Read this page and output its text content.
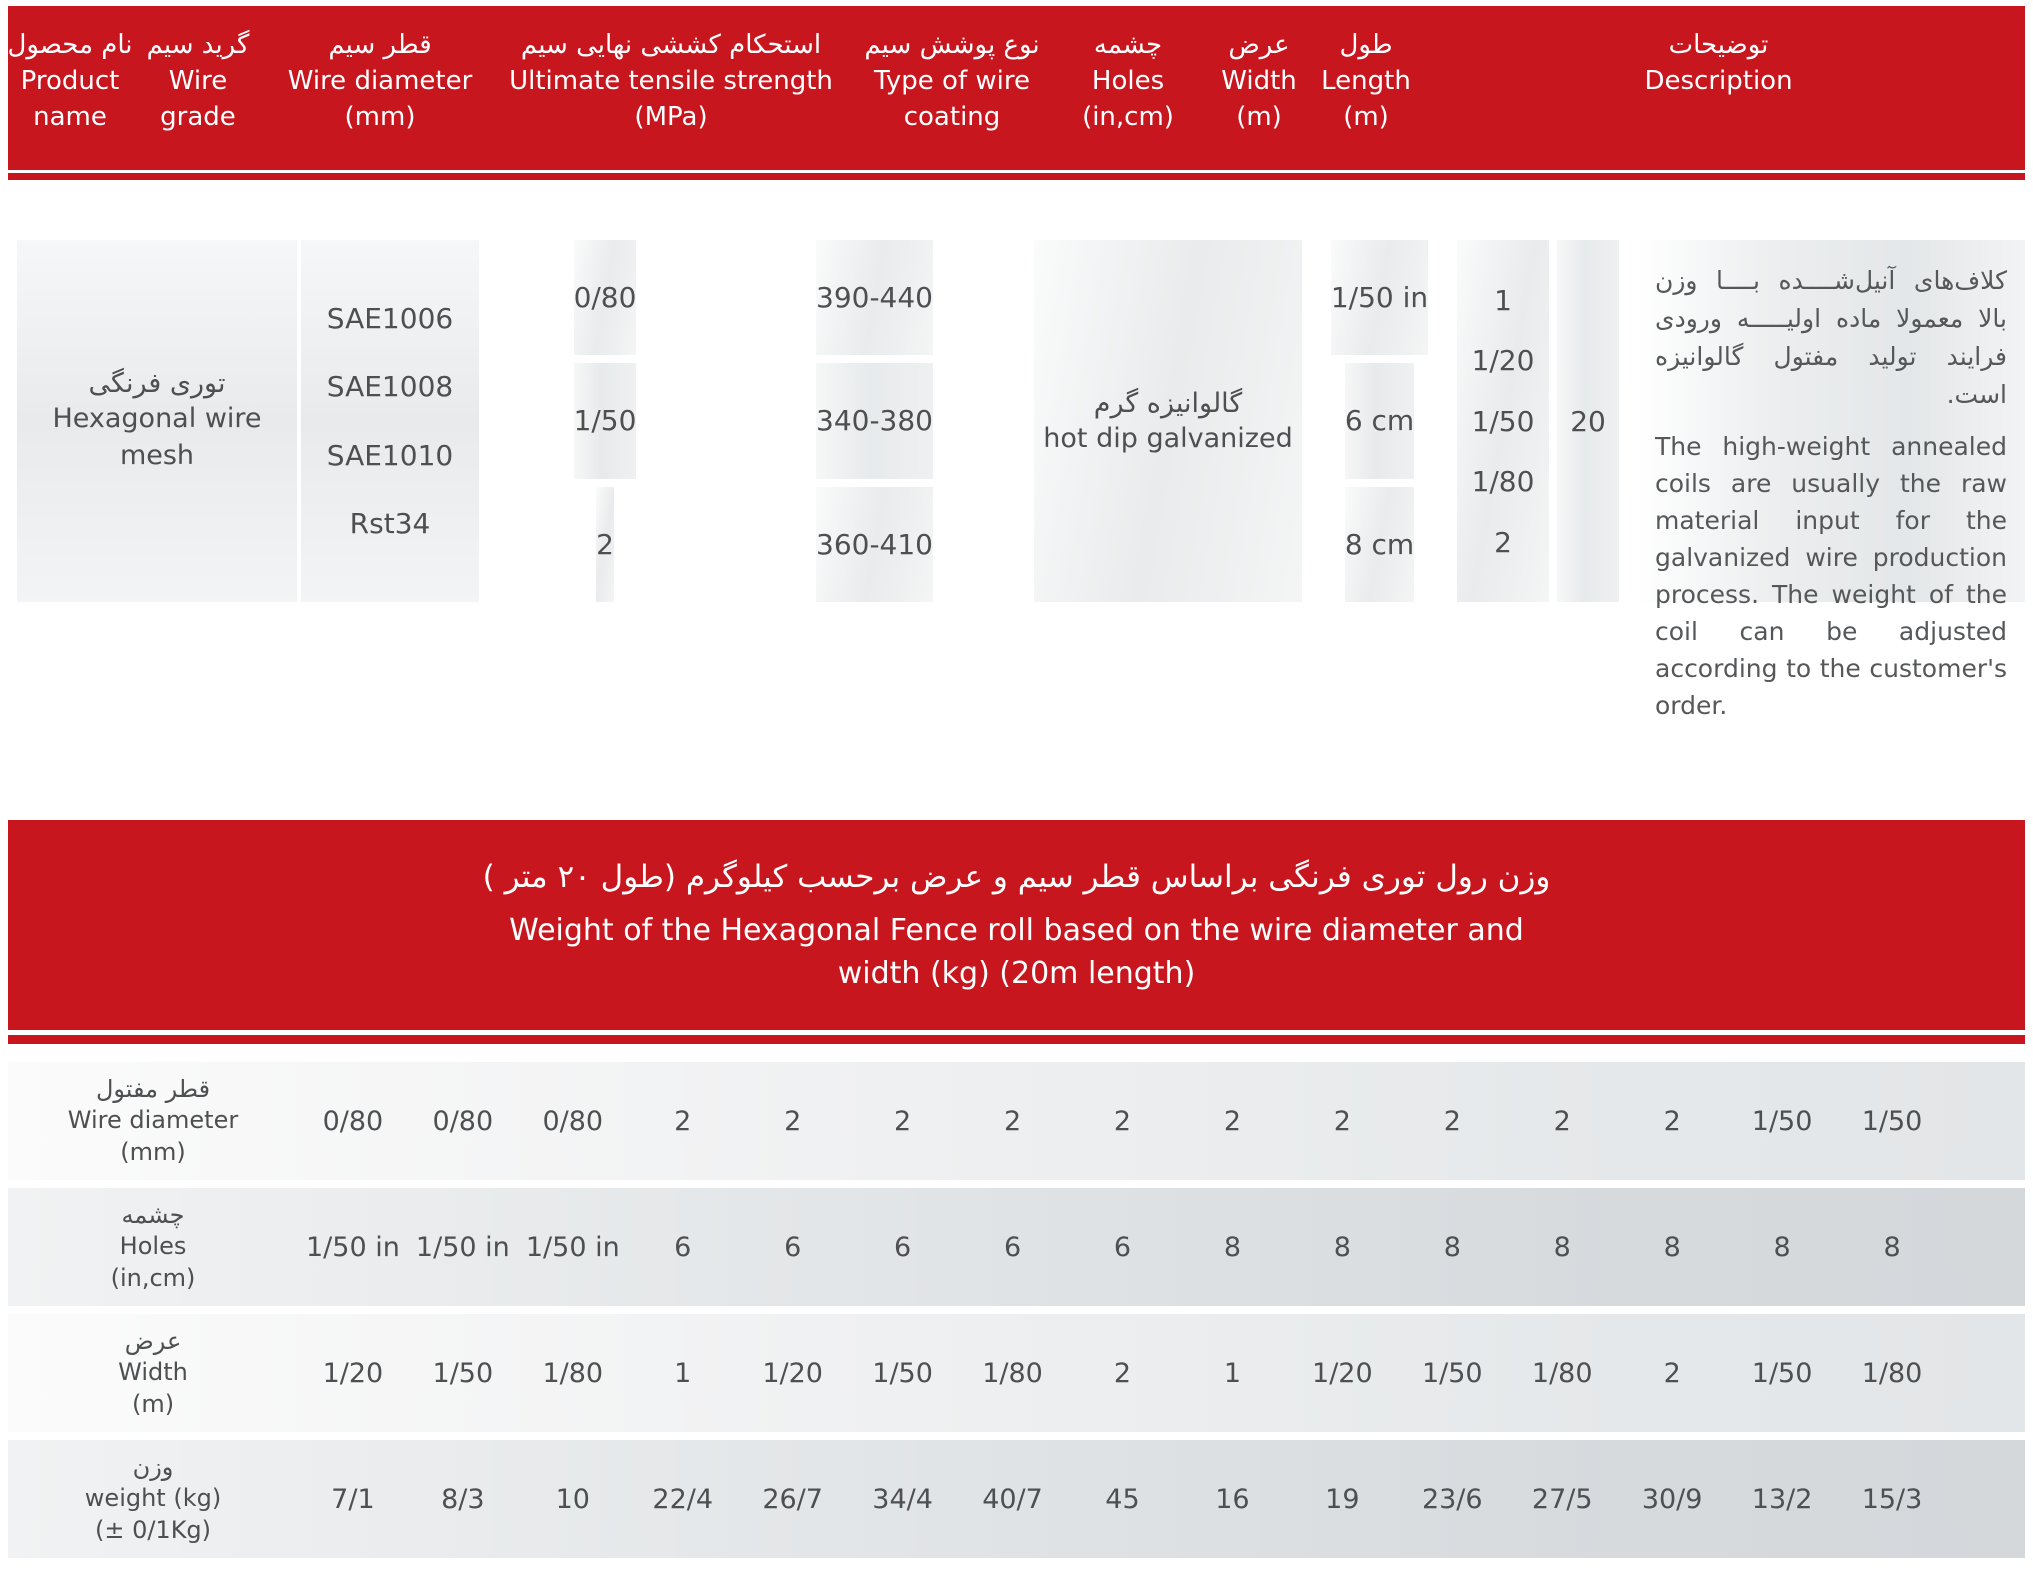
توضیحات
Description
طول
Length
(m)
عرض
Width
(m)
چشمه
Holes
(in,cm)
نوع پوشش سیم
Type of wire
coating
استحکام کششی نهایی سیم
Ultimate tensile strength
(MPa)
قطر سیم
Wire diameter
(mm)
گرید سیم
Wire grade
نام محصول
Product name
کلاف‌های آنیل‌شــــده بــــا وزن بالا معمولا ماده اولیـــــه ورودی فرایند تولید مفتول گالوانیزه است.
The high-weight annealed coils are usually the raw material input for the galvanized wire production process. The weight of the coil can be adjusted according to the customer's order.
20
1
1/20
1/50
1/80
2
1/50 in
6 cm
8 cm
گالوانیزه گرم
hot dip galvanized
390-440
340-380
360-410
0/80
1/50
2
SAE1006
SAE1008
SAE1010
Rst34
توری فرنگی
Hexagonal wire mesh
وزن رول توری فرنگی براساس قطر سیم و عرض برحسب کیلوگرم (طول ۲۰ متر )
Weight of the Hexagonal Fence roll based on the wire diameter and width (kg) (20m length)
1/50
1/50
2
2
2
2
2
2
2
2
2
2
0/80
0/80
0/80
قطر مفتول
Wire diameter
(mm)
8
8
8
8
8
8
8
6
6
6
6
6
1/50 in
1/50 in
1/50 in
چشمه
Holes
(in,cm)
1/80
1/50
2
1/80
1/50
1/20
1
2
1/80
1/50
1/20
1
1/80
1/50
1/20
عرض
Width
(m)
15/3
13/2
30/9
27/5
23/6
19
16
45
40/7
34/4
26/7
22/4
10
8/3
7/1
وزن
weight (kg)
(± 0/1Kg)
